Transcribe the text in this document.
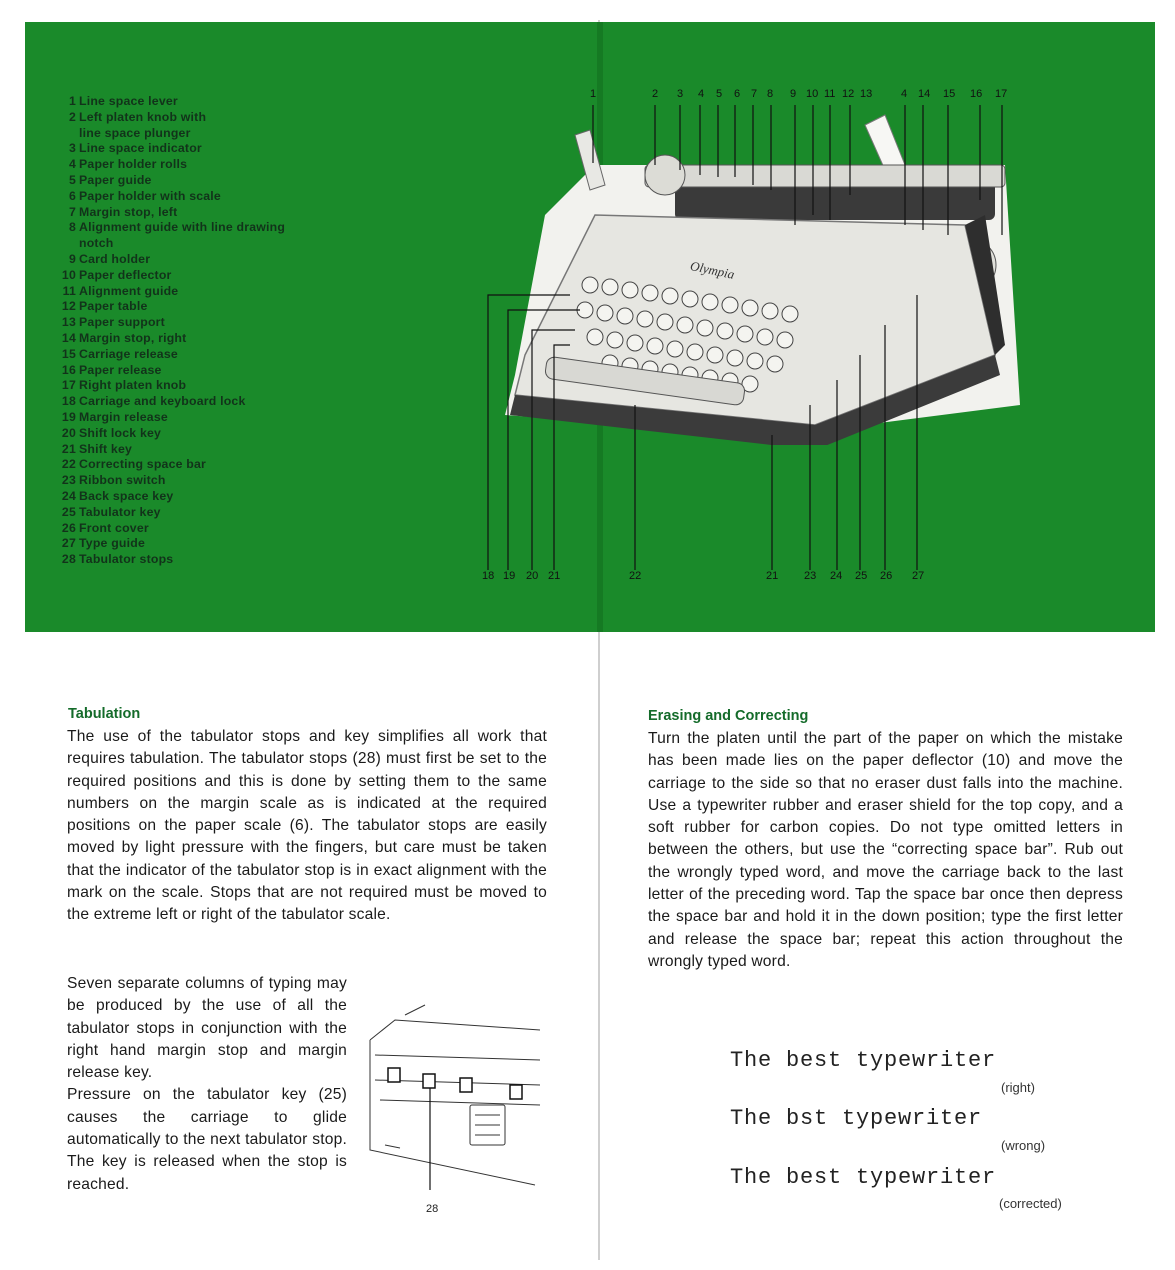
1 Line space lever
2 Left platen knob with
line space plunger
3 Line space indicator
4 Paper holder rolls
5 Paper guide
6 Paper holder with scale
7 Margin stop, left
8 Alignment guide with line drawing
notch
9 Card holder
10 Paper deflector
11 Alignment guide
12 Paper table
13 Paper support
14 Margin stop, right
15 Carriage release
16 Paper release
17 Right platen knob
18 Carriage and keyboard lock
19 Margin release
20 Shift lock key
21 Shift key
22 Correcting space bar
23 Ribbon switch
24 Back space key
25 Tabulator key
26 Front cover
27 Type guide
28 Tabulator stops
Olympia
1	2 3 4 5 6 7 8 9 10 11 12 13	4 14 15 16 17
18 19 20 21	22	21 23 24 25 26 27
Tabulation

The use of the tabulator stops and key simplifies all work that requires tabulation. The tabulator stops (28) must first be set to the required positions and this is done by setting them to the same numbers on the margin scale as is indicated at the required positions on the paper scale (6). The tabulator stops are easily moved by light pressure with the fingers, but care must be taken that the indicator of the tabulator stop is in exact alignment with the mark on the scale. Stops that are not required must be moved to the extreme left or right of the tabulator scale.

Seven separate columns of typing may be produced by the use of all the tabulator stops in conjunction with the right hand margin stop and margin release key.

Pressure on the tabulator key (25) causes the carriage to glide automatically to the next tabulator stop. The key is released when the stop is reached.

28
Erasing and Correcting

Turn the platen until the part of the paper on which the mistake has been made lies on the paper deflector (10) and move the carriage to the side so that no eraser dust falls into the machine. Use a typewriter rubber and eraser shield for the top copy, and a soft rubber for carbon copies. Do not type omitted letters in between the others, but use the “correcting space bar”. Rub out the wrongly typed word, and move the carriage back to the last letter of the preceding word. Tap the space bar once then depress the space bar and hold it in the down position; type the first letter and release the space bar; repeat this action throughout the wrongly typed word.

The best typewriter
(right)
The bst typewriter
(wrong)
The best typewriter
(corrected)
